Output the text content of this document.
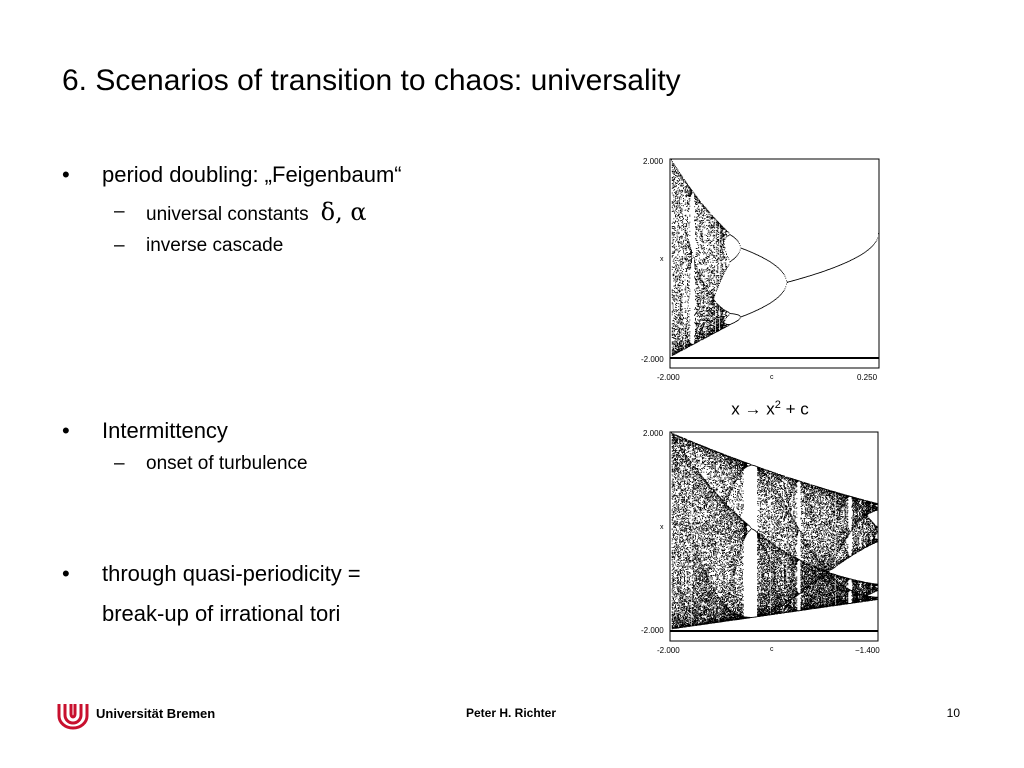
6. Scenarios of transition to chaos: universality
• period doubling: „Feigenbaum“
– universal constants δ, α
– inverse cascade
• Intermittency
– onset of turbulence
• through quasi-periodicity =
break-up of irrational tori
2.000
-2.000
x
-2.000	c	0.250
$x \to x^2 + c$
2.000
-2.000
x
-2.000	c	−1.400
Universität Bremen	Peter H. Richter	10
